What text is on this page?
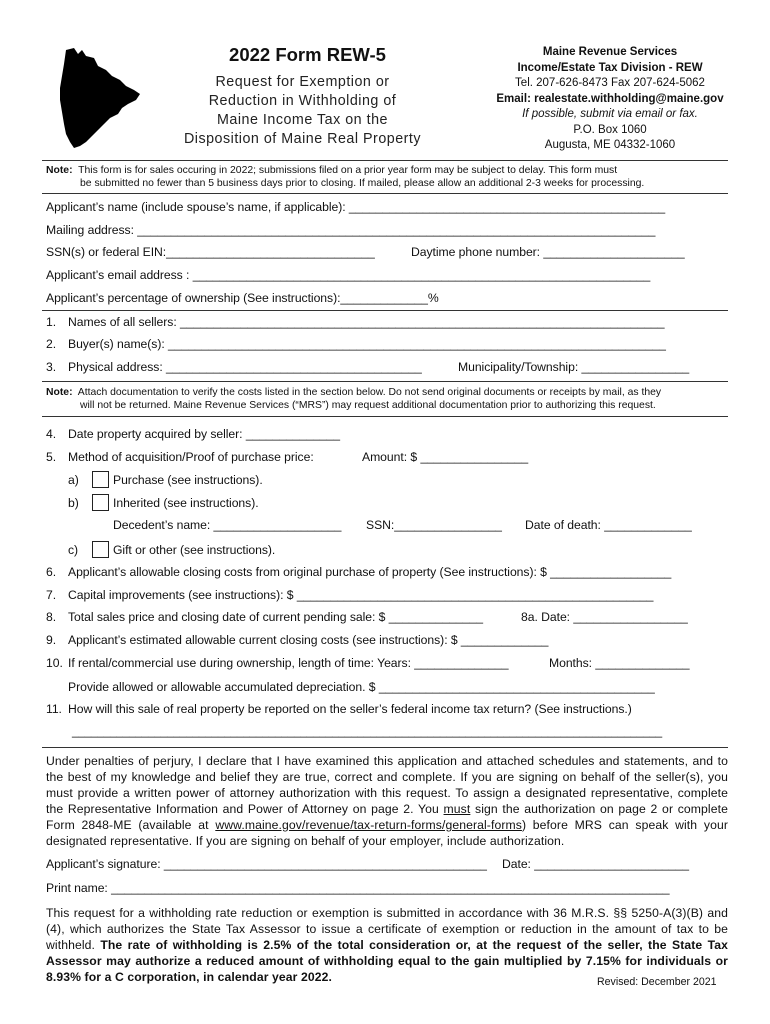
2022 Form REW-5
Request for Exemption or
Reduction in Withholding of
Maine Income Tax on the
Disposition of Maine Real Property
Maine Revenue Services
Income/Estate Tax Division - REW
Tel. 207-626-8473 Fax 207-624-5062
Email: realestate.withholding@maine.gov
If possible, submit via email or fax.
P.O. Box 1060
Augusta, ME 04332-1060
Note: This form is for sales occuring in 2022; submissions filed on a prior year form may be subject to delay. This form must
be submitted no fewer than 5 business days prior to closing. If mailed, please allow an additional 2-3 weeks for processing.
Applicant’s name (include spouse’s name, if applicable): _______________________________________________
Mailing address: _____________________________________________________________________________
SSN(s) or federal EIN:_______________________________	Daytime phone number: _____________________
Applicant’s email address : ____________________________________________________________________
Applicant’s percentage of ownership (See instructions):_____________%
1. Names of all sellers: ________________________________________________________________________
2. Buyer(s) name(s): __________________________________________________________________________
3. Physical address: ______________________________________	Municipality/Township: ________________
Note: Attach documentation to verify the costs listed in the section below. Do not send original documents or receipts by mail, as they
will not be returned. Maine Revenue Services (“MRS”) may request additional documentation prior to authorizing this request.
4. Date property acquired by seller: ______________
5. Method of acquisition/Proof of purchase price:	Amount: $ ________________
a)	Purchase (see instructions).
b)	Inherited (see instructions).
Decedent’s name: ___________________ SSN:________________ Date of death: _____________
c)	Gift or other (see instructions).
6. Applicant’s allowable closing costs from original purchase of property (See instructions): $ __________________
7. Capital improvements (see instructions): $ _____________________________________________________
8. Total sales price and closing date of current pending sale: $ ______________	8a. Date: _________________
9. Applicant’s estimated allowable current closing costs (see instructions): $ _____________
10. If rental/commercial use during ownership, length of time: Years: ______________	Months: ______________
Provide allowed or allowable accumulated depreciation. $ _________________________________________
11. How will this sale of real property be reported on the seller’s federal income tax return? (See instructions.)
_____________________________________________________________________________________________
Under penalties of perjury, I declare that I have examined this application and attached schedules and statements, and to the best of my knowledge and belief they are true, correct and complete. If you are signing on behalf of the seller(s), you must provide a written power of attorney authorization with this request. To assign a designated representative, complete the Representative Information and Power of Attorney on page 2. You must sign the authorization on page 2 or complete Form 2848-ME (available at www.maine.gov/revenue/tax-return-forms/general-forms) before MRS can speak with your designated representative. If you are signing on behalf of your employer, include authorization.
Applicant’s signature: ________________________________________________ Date: _______________________
Print name: ___________________________________________________________________________________
This request for a withholding rate reduction or exemption is submitted in accordance with 36 M.R.S. §§ 5250-A(3)(B) and (4), which authorizes the State Tax Assessor to issue a certificate of exemption or reduction in the amount of tax to be withheld. The rate of withholding is 2.5% of the total consideration or, at the request of the seller, the State Tax Assessor may authorize a reduced amount of withholding equal to the gain multiplied by 7.15% for individuals or 8.93% for a C corporation, in calendar year 2022.	Revised: December 2021
